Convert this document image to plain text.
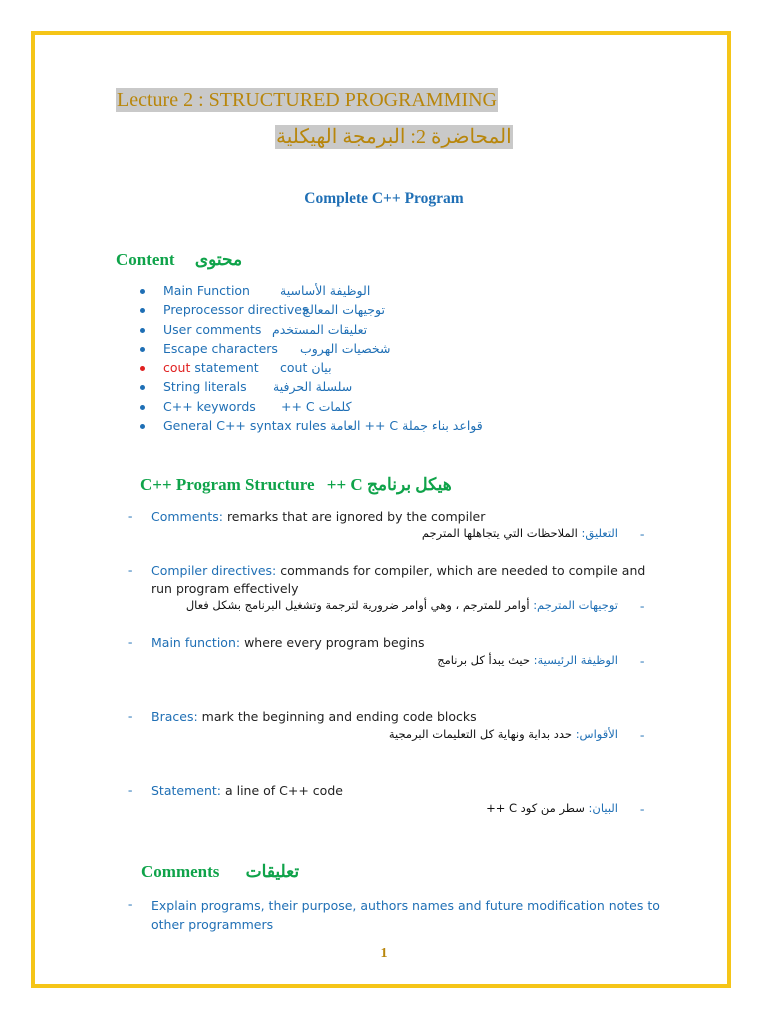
Lecture 2 : STRUCTURED PROGRAMMING
المحاضرة 2: البرمجة الهيكلية
Complete C++ Program
Content محتوى
Main Function الوظيفة الأساسية
Preprocessor directives
توجيهات المعالج
User comments تعليقات المستخدم
Escape characters شخصيات الهروب
cout statement بيان cout
String literals سلسلة الحرفية
C++ keywords كلمات C ++
General C++ syntax rules قواعد بناء جملة C ++ العامة
C++ Program Structure هيكل برنامج C ++
- Comments: remarks that are ignored by the compiler
-
التعليق: الملاحظات التي يتجاهلها المترجم
- Compiler directives: commands for compiler, which are needed to compile and
run program effectively
-
توجيهات المترجم: أوامر للمترجم ، وهي أوامر ضرورية لترجمة وتشغيل البرنامج بشكل فعال
- Main function: where every program begins
-
الوظيفة الرئيسية: حيث يبدأ كل برنامج
- Braces: mark the beginning and ending code blocks
-
الأقواس: حدد بداية ونهاية كل التعليمات البرمجية
- Statement: a line of C++ code
-
البيان: سطر من كود C ++
Comments تعليقات
- Explain programs, their purpose, authors names and future modification notes to other programmers
1
